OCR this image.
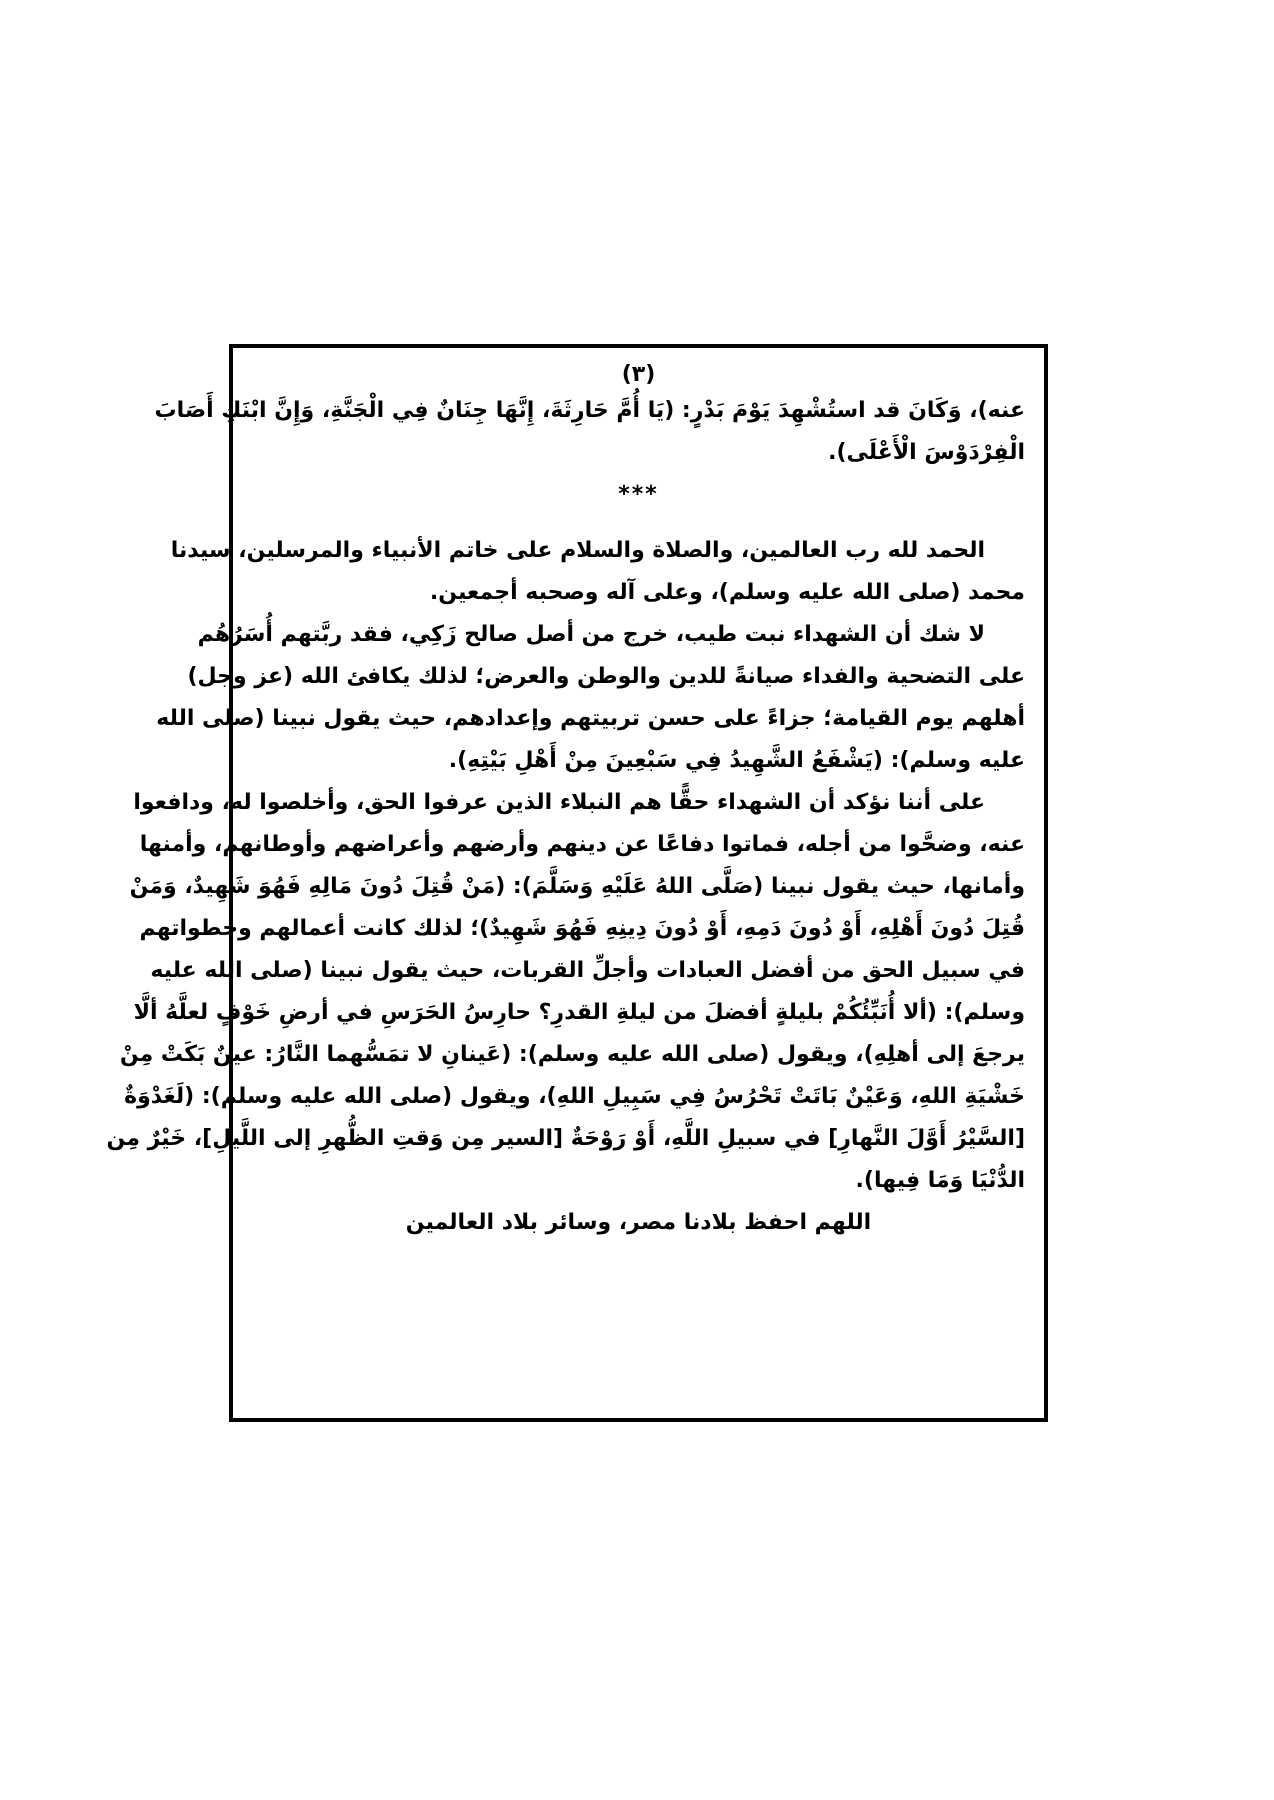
(٣)
عنه)، وَكَانَ قد استُشْهِدَ يَوْمَ بَدْرٍ: (يَا أُمَّ حَارِثَةَ، إِنَّهَا جِنَانٌ فِي الْجَنَّةِ، وَإِنَّ ابْنَكِ أَصَابَ
الْفِرْدَوْسَ الْأَعْلَى).
***
الحمد لله رب العالمين، والصلاة والسلام على خاتم الأنبياء والمرسلين، سيدنا
محمد (صلى الله عليه وسلم)، وعلى آله وصحبه أجمعين.
لا شك أن الشهداء نبت طيب، خرج من أصل صالح زَكِي، فقد ربَّتهم أُسَرُهُم
على التضحية والفداء صيانةً للدين والوطن والعرض؛ لذلك يكافئ الله (عز وجل)
أهلهم يوم القيامة؛ جزاءً على حسن تربيتهم وإعدادهم، حيث يقول نبينا (صلى الله
عليه وسلم): (يَشْفَعُ الشَّهِيدُ فِي سَبْعِينَ مِنْ أَهْلِ بَيْتِهِ).
على أننا نؤكد أن الشهداء حقًّا هم النبلاء الذين عرفوا الحق، وأخلصوا له، ودافعوا
عنه، وضحَّوا من أجله، فماتوا دفاعًا عن دينهم وأرضهم وأعراضهم وأوطانهم، وأمنها
وأمانها، حيث يقول نبينا (صَلَّى اللهُ عَلَيْهِ وَسَلَّمَ): (مَنْ قُتِلَ دُونَ مَالِهِ فَهُوَ شَهِيدٌ، وَمَنْ
قُتِلَ دُونَ أَهْلِهِ، أَوْ دُونَ دَمِهِ، أَوْ دُونَ دِينِهِ فَهُوَ شَهِيدٌ)؛ لذلك كانت أعمالهم وخطواتهم
في سبيل الحق من أفضل العبادات وأجلِّ القربات، حيث يقول نبينا (صلى الله عليه
وسلم): (ألا أُنَبِّئُكُمْ بليلةٍ أفضلَ من ليلةِ القدرِ؟ حارِسُ الحَرَسِ في أرضِ خَوْفٍ لعلَّهُ ألَّا
يرجعَ إلى أهلِهِ)، ويقول (صلى الله عليه وسلم): (عَينانِ لا تمَسُّهما النَّارُ: عينٌ بَكَتْ مِنْ
خَشْيَةِ اللهِ، وَعَيْنٌ بَاتَتْ تَحْرُسُ فِي سَبِيلِ اللهِ)، ويقول (صلى الله عليه وسلم): (لَغَدْوَةٌ
[السَّيْرُ أَوَّلَ النَّهارِ] في سبيلِ اللَّهِ، أَوْ رَوْحَةٌ [السير مِن وَقتِ الظُّهرِ إلى اللَّيلِ]، خَيْرٌ مِن
الدُّنْيَا وَمَا فِيها).
اللهم احفظ بلادنا مصر، وسائر بلاد العالمين
